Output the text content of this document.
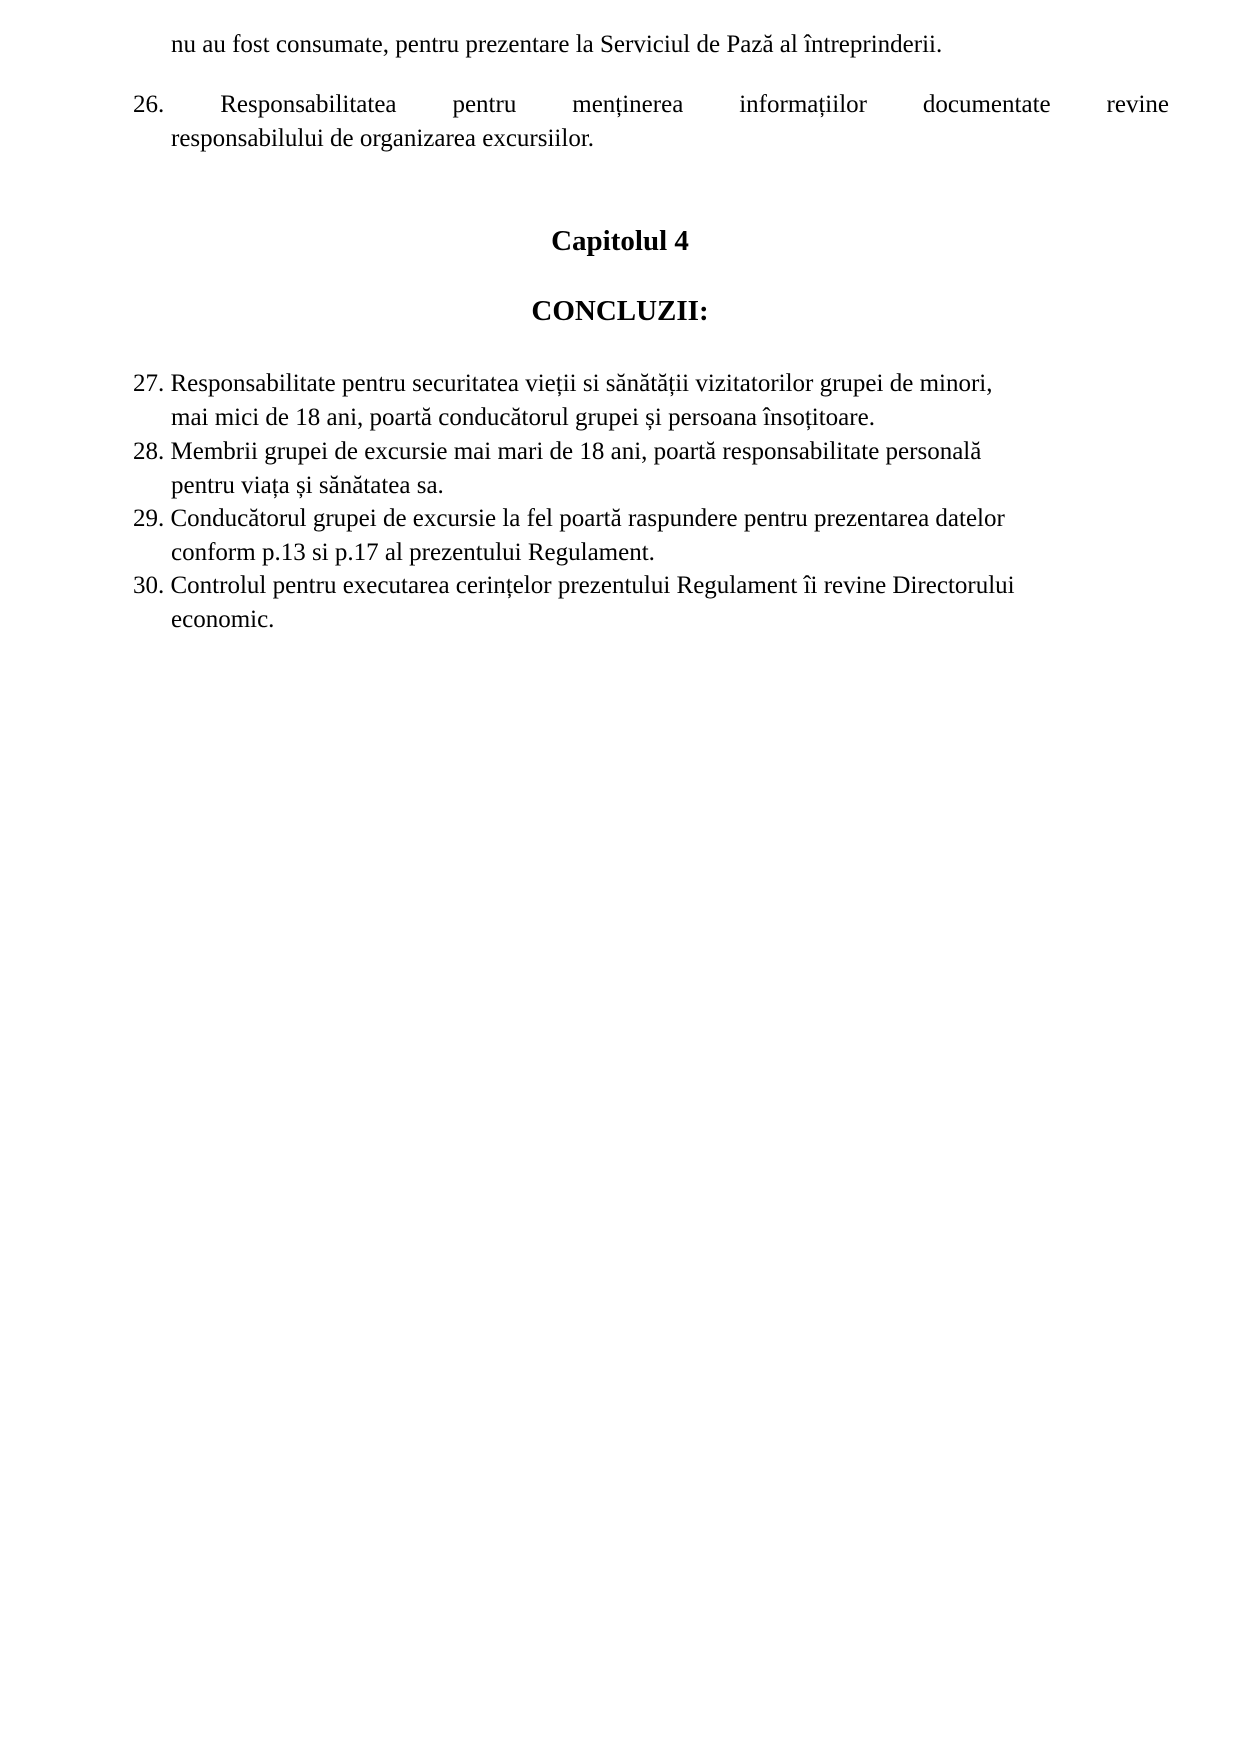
nu au fost consumate, pentru prezentare la Serviciul de Pază al întreprinderii.
26. Responsabilitatea pentru menținerea informațiilor documentate revine
responsabilului de organizarea excursiilor.
Capitolul 4
CONCLUZII:
27. Responsabilitate pentru securitatea vieții si sănătății vizitatorilor grupei de minori,
mai mici de 18 ani, poartă conducătorul grupei și persoana însoțitoare.
28. Membrii grupei de excursie mai mari de 18 ani, poartă responsabilitate personală
pentru viața și sănătatea sa.
29. Conducătorul grupei de excursie la fel poartă raspundere pentru prezentarea datelor
conform p.13 si p.17 al prezentului Regulament.
30. Controlul pentru executarea cerințelor prezentului Regulament îi revine Directorului
economic.
